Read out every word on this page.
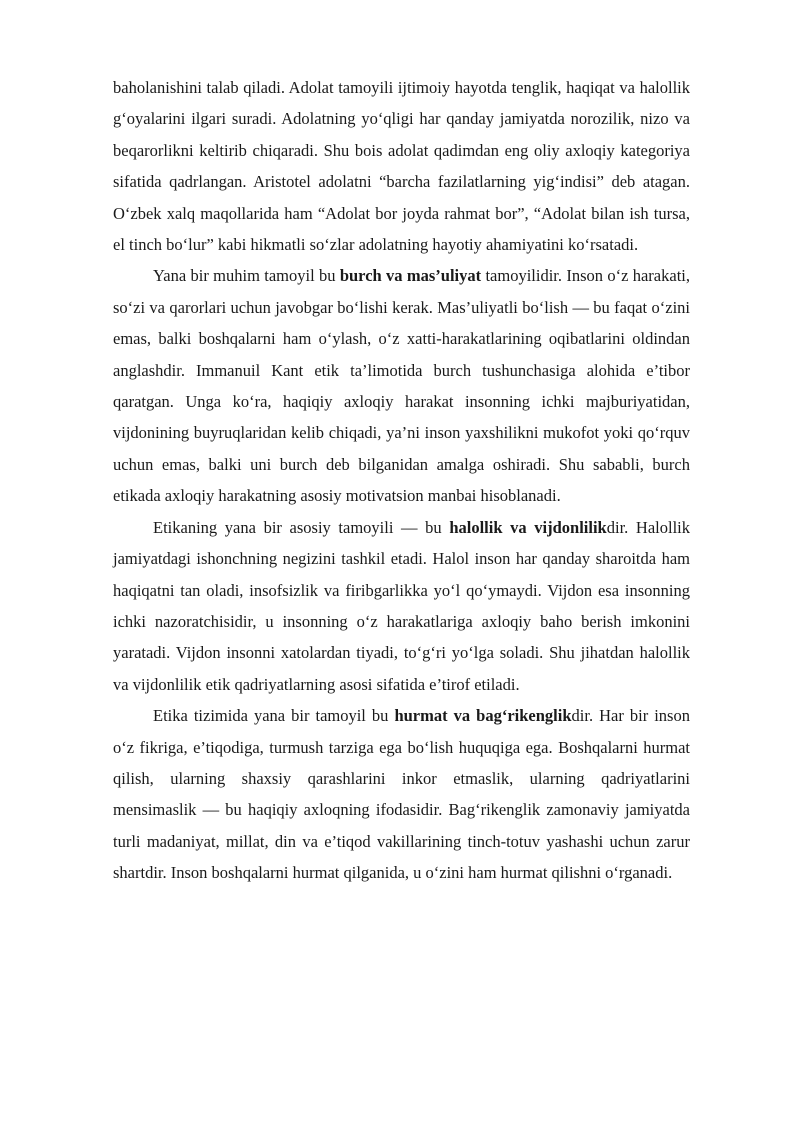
baholanishini talab qiladi. Adolat tamoyili ijtimoiy hayotda tenglik, haqiqat va halollik g‘oyalarini ilgari suradi. Adolatning yo‘qligi har qanday jamiyatda norozilik, nizo va beqarorlikni keltirib chiqaradi. Shu bois adolat qadimdan eng oliy axloqiy kategoriya sifatida qadrlangan. Aristotel adolatni “barcha fazilatlarning yig‘indisi” deb atagan. O‘zbek xalq maqollarida ham “Adolat bor joyda rahmat bor”, “Adolat bilan ish tursa, el tinch bo‘lur” kabi hikmatli so‘zlar adolatning hayotiy ahamiyatini ko‘rsatadi.

Yana bir muhim tamoyil bu burch va mas’uliyat tamoyilidir. Inson o‘z harakati, so‘zi va qarorlari uchun javobgar bo‘lishi kerak. Mas’uliyatli bo‘lish — bu faqat o‘zini emas, balki boshqalarni ham o‘ylash, o‘z xatti-harakatlarining oqibatlarini oldindan anglashdir. Immanuil Kant etik ta’limotida burch tushunchasiga alohida e’tibor qaratgan. Unga ko‘ra, haqiqiy axloqiy harakat insonning ichki majburiyatidan, vijdonining buyruqlaridan kelib chiqadi, ya’ni inson yaxshilikni mukofot yoki qo‘rquv uchun emas, balki uni burch deb bilganidan amalga oshiradi. Shu sababli, burch etikada axloqiy harakatning asosiy motivatsion manbai hisoblanadi.

Etikaning yana bir asosiy tamoyili — bu halollik va vijdonlilikdir. Halollik jamiyatdagi ishonchning negizini tashkil etadi. Halol inson har qanday sharoitda ham haqiqatni tan oladi, insofsizlik va firibgarlikka yo‘l qo‘ymaydi. Vijdon esa insonning ichki nazoratchisidir, u insonning o‘z harakatlariga axloqiy baho berish imkonini yaratadi. Vijdon insonni xatolardan tiyadi, to‘g‘ri yo‘lga soladi. Shu jihatdan halollik va vijdonlilik etik qadriyatlarning asosi sifatida e’tirof etiladi.

Etika tizimida yana bir tamoyil bu hurmat va bag‘rikenglikdir. Har bir inson o‘z fikriga, e’tiqodiga, turmush tarziga ega bo‘lish huquqiga ega. Boshqalarni hurmat qilish, ularning shaxsiy qarashlarini inkor etmaslik, ularning qadriyatlarini mensimaslik — bu haqiqiy axloqning ifodasidir. Bag‘rikenglik zamonaviy jamiyatda turli madaniyat, millat, din va e’tiqod vakillarining tinch-totuv yashashi uchun zarur shartdir. Inson boshqalarni hurmat qilganida, u o‘zini ham hurmat qilishni o‘rganadi.
